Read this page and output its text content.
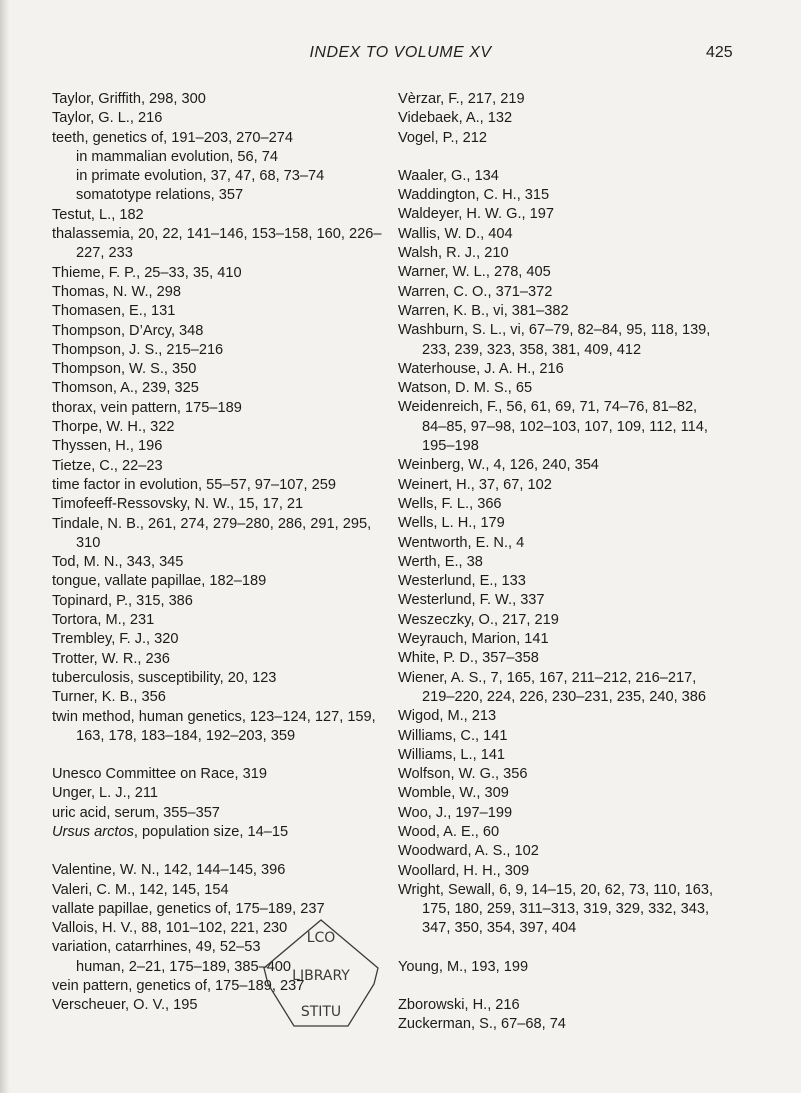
INDEX TO VOLUME XV	425
Taylor, Griffith, 298, 300
Taylor, G. L., 216
teeth, genetics of, 191–203, 270–274
in mammalian evolution, 56, 74
in primate evolution, 37, 47, 68, 73–74
somatotype relations, 357
Testut, L., 182
thalassemia, 20, 22, 141–146, 153–158, 160, 226–
227, 233
Thieme, F. P., 25–33, 35, 410
Thomas, N. W., 298
Thomasen, E., 131
Thompson, D’Arcy, 348
Thompson, J. S., 215–216
Thompson, W. S., 350
Thomson, A., 239, 325
thorax, vein pattern, 175–189
Thorpe, W. H., 322
Thyssen, H., 196
Tietze, C., 22–23
time factor in evolution, 55–57, 97–107, 259
Timofeeff-Ressovsky, N. W., 15, 17, 21
Tindale, N. B., 261, 274, 279–280, 286, 291, 295,
310
Tod, M. N., 343, 345
tongue, vallate papillae, 182–189
Topinard, P., 315, 386
Tortora, M., 231
Trembley, F. J., 320
Trotter, W. R., 236
tuberculosis, susceptibility, 20, 123
Turner, K. B., 356
twin method, human genetics, 123–124, 127, 159,
163, 178, 183–184, 192–203, 359
Unesco Committee on Race, 319
Unger, L. J., 211
uric acid, serum, 355–357
Ursus arctos, population size, 14–15
Valentine, W. N., 142, 144–145, 396
Valeri, C. M., 142, 145, 154
vallate papillae, genetics of, 175–189, 237
Vallois, H. V., 88, 101–102, 221, 230
variation, catarrhines, 49, 52–53
human, 2–21, 175–189, 385–400
vein pattern, genetics of, 175–189, 237
Verscheuer, O. V., 195
Vèrzar, F., 217, 219
Videbaek, A., 132
Vogel, P., 212
Waaler, G., 134
Waddington, C. H., 315
Waldeyer, H. W. G., 197
Wallis, W. D., 404
Walsh, R. J., 210
Warner, W. L., 278, 405
Warren, C. O., 371–372
Warren, K. B., vi, 381–382
Washburn, S. L., vi, 67–79, 82–84, 95, 118, 139,
233, 239, 323, 358, 381, 409, 412
Waterhouse, J. A. H., 216
Watson, D. M. S., 65
Weidenreich, F., 56, 61, 69, 71, 74–76, 81–82,
84–85, 97–98, 102–103, 107, 109, 112, 114,
195–198
Weinberg, W., 4, 126, 240, 354
Weinert, H., 37, 67, 102
Wells, F. L., 366
Wells, L. H., 179
Wentworth, E. N., 4
Werth, E., 38
Westerlund, E., 133
Westerlund, F. W., 337
Weszeczky, O., 217, 219
Weyrauch, Marion, 141
White, P. D., 357–358
Wiener, A. S., 7, 165, 167, 211–212, 216–217,
219–220, 224, 226, 230–231, 235, 240, 386
Wigod, M., 213
Williams, C., 141
Williams, L., 141
Wolfson, W. G., 356
Womble, W., 309
Woo, J., 197–199
Wood, A. E., 60
Woodward, A. S., 102
Woollard, H. H., 309
Wright, Sewall, 6, 9, 14–15, 20, 62, 73, 110, 163,
175, 180, 259, 311–313, 319, 329, 332, 343,
347, 350, 354, 397, 404
Young, M., 193, 199
Zborowski, H., 216
Zuckerman, S., 67–68, 74
LCO
LIBRARY
STITU
